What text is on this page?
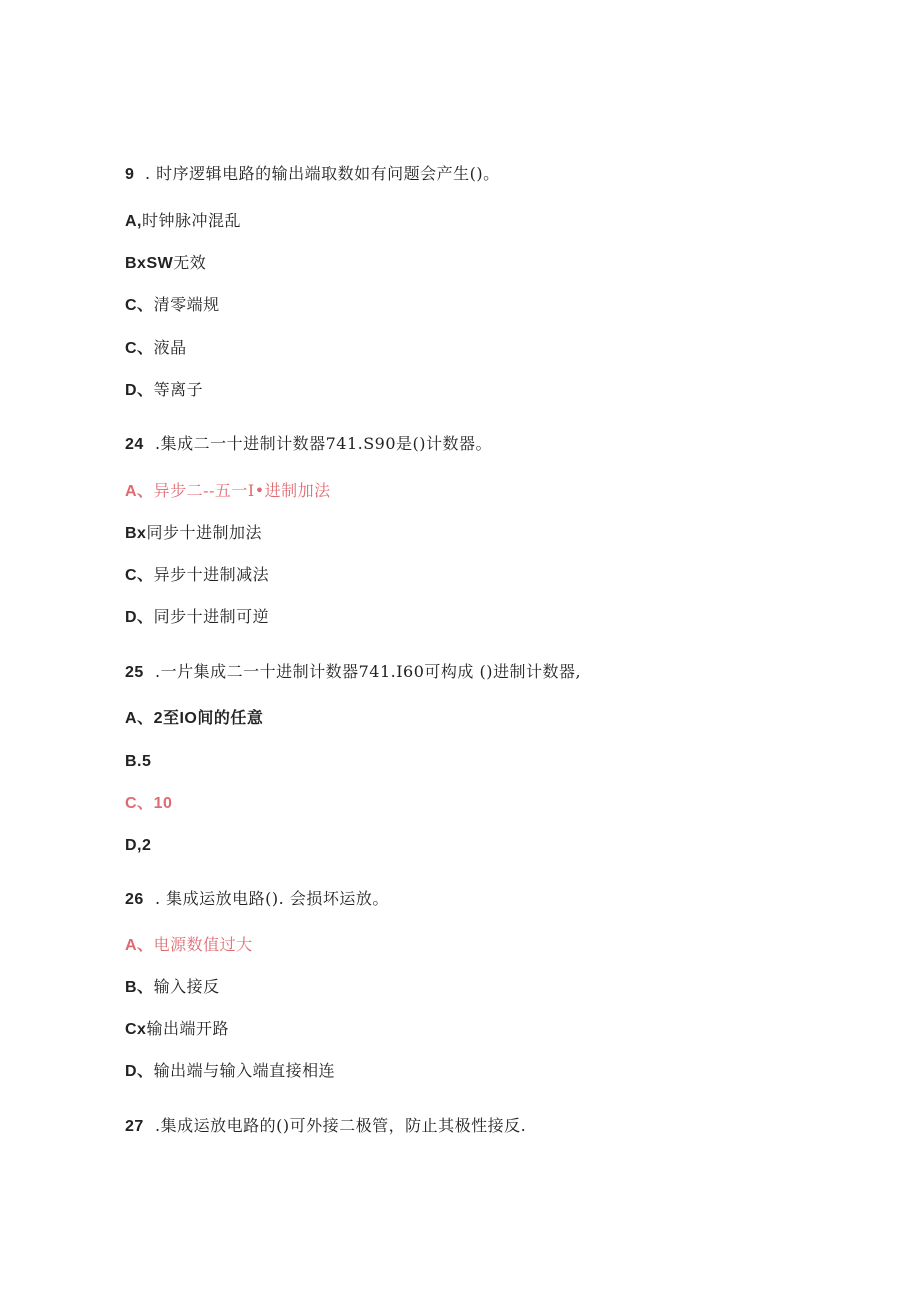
9 . 时序逻辑电路的输出端取数如有问题会产生()。
A,时钟脉冲混乱
BxSW无效
C、清零端规
C、液晶
D、等离子
24 .集成二一十进制计数器741.S90是()计数器。
A、异步二--五一I•进制加法
Bx同步十进制加法
C、异步十进制减法
D、同步十进制可逆
25 .一片集成二一十进制计数器741.I60可构成 ()进制计数器,
A、2至IO间的任意
B.5
C、10
D,2
26 . 集成运放电路(). 会损坏运放。
A、电源数值过大
B、输入接反
Cx输出端开路
D、输出端与输入端直接相连
27 .集成运放电路的()可外接二极管，防止其极性接反.
